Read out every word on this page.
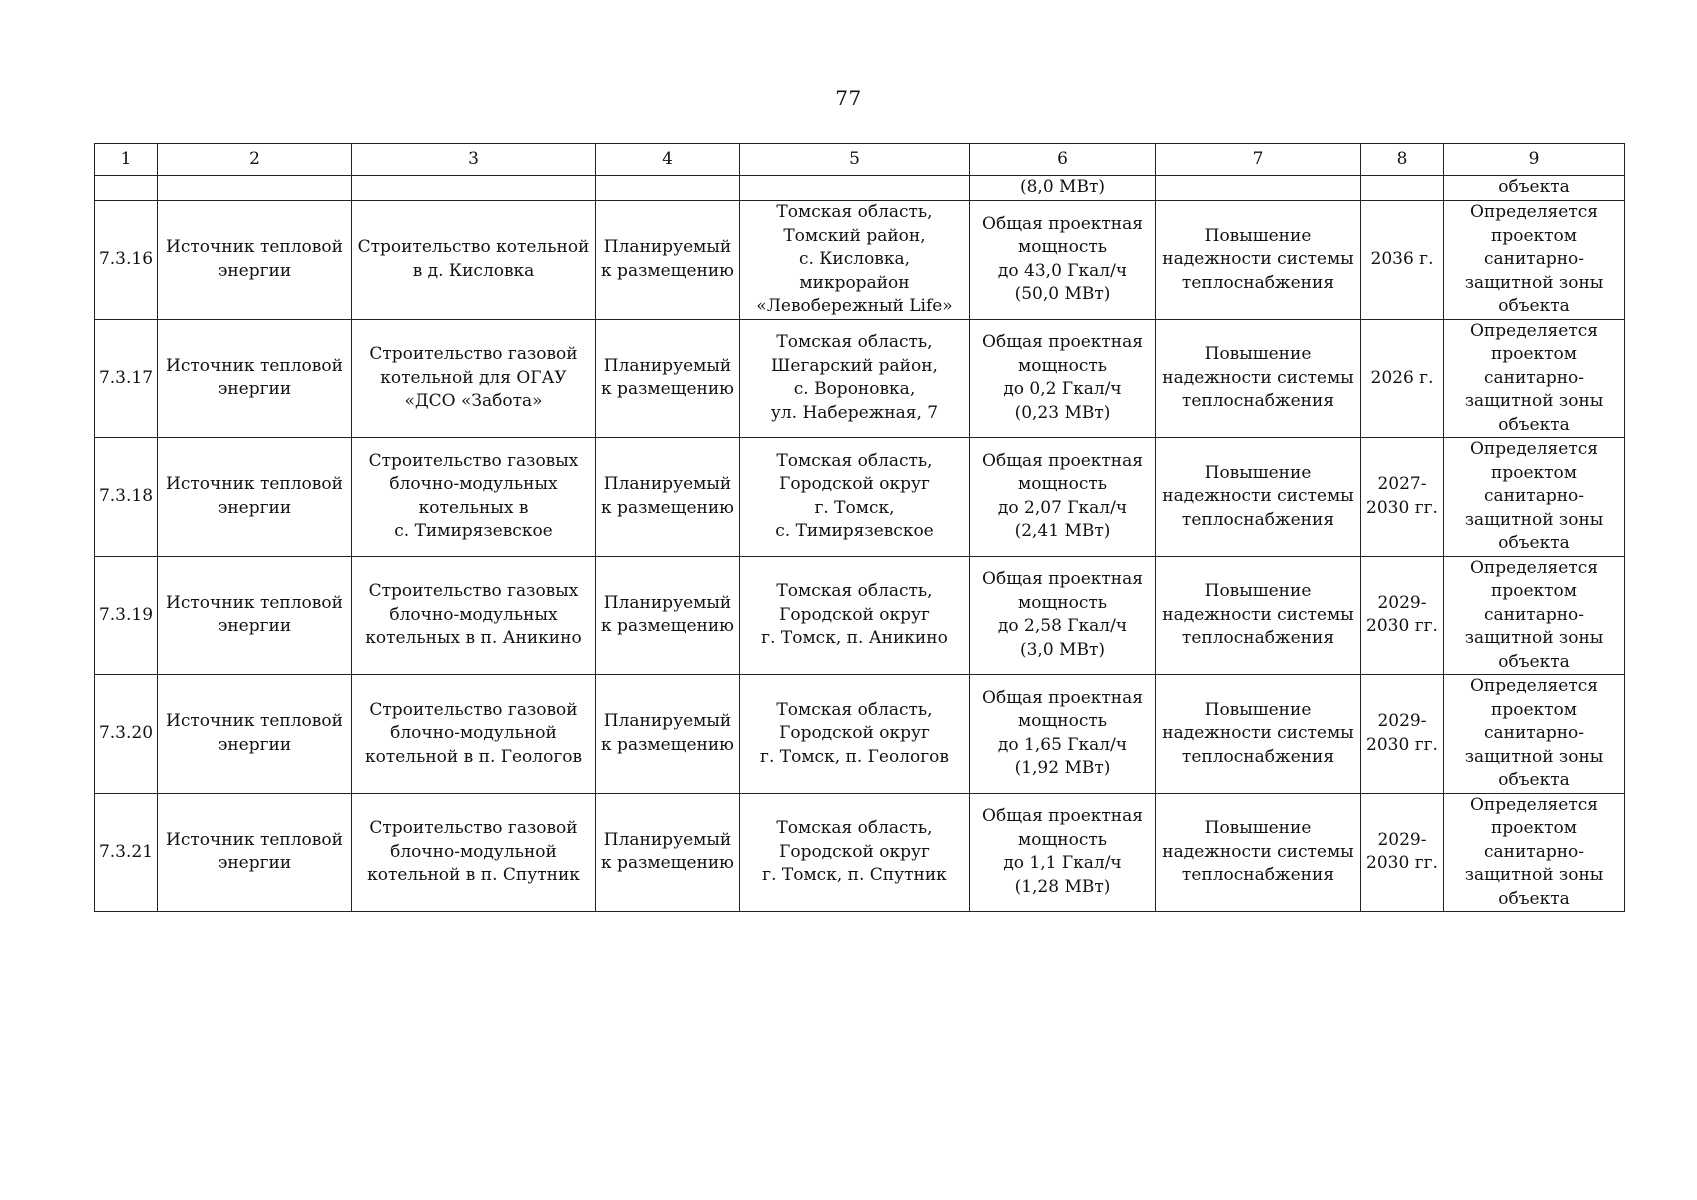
77
1	2	3	4	5	6	7	8	9
					(8,0 МВт)			объекта
7.3.16	Источник тепловой
энергии	Строительство котельной
в д. Кисловка	Планируемый
к размещению	Томская область,
Томский район,
с. Кисловка, микрорайон
«Левобережный Life»	Общая проектная
мощность
до 43,0 Гкал/ч
(50,0 МВт)	Повышение
надежности системы
теплоснабжения	2036 г.	Определяется
проектом санитарно-
защитной зоны
объекта
7.3.17	Источник тепловой
энергии	Строительство газовой
котельной для ОГАУ
«ДСО «Забота»	Планируемый
к размещению	Томская область,
Шегарский район,
с. Вороновка,
ул. Набережная, 7	Общая проектная
мощность
до 0,2 Гкал/ч
(0,23 МВт)	Повышение
надежности системы
теплоснабжения	2026 г.	Определяется
проектом
санитарно-
защитной зоны
объекта
7.3.18	Источник тепловой
энергии	Строительство газовых
блочно-модульных
котельных в
с. Тимирязевское	Планируемый
к размещению	Томская область,
Городской округ
г. Томск,
с. Тимирязевское	Общая проектная
мощность
до 2,07 Гкал/ч
(2,41 МВт)	Повышение
надежности системы
теплоснабжения	2027-
2030 гг.	Определяется
проектом
санитарно-
защитной зоны
объекта
7.3.19	Источник тепловой
энергии	Строительство газовых
блочно-модульных
котельных в п. Аникино	Планируемый
к размещению	Томская область,
Городской округ
г. Томск, п. Аникино	Общая проектная
мощность
до 2,58 Гкал/ч
(3,0 МВт)	Повышение
надежности системы
теплоснабжения	2029-
2030 гг.	Определяется
проектом
санитарно-
защитной зоны
объекта
7.3.20	Источник тепловой
энергии	Строительство газовой
блочно-модульной
котельной в п. Геологов	Планируемый
к размещению	Томская область,
Городской округ
г. Томск, п. Геологов	Общая проектная
мощность
до 1,65 Гкал/ч
(1,92 МВт)	Повышение
надежности системы
теплоснабжения	2029-
2030 гг.	Определяется
проектом
санитарно-
защитной зоны
объекта
7.3.21	Источник тепловой
энергии	Строительство газовой
блочно-модульной
котельной в п. Спутник	Планируемый
к размещению	Томская область,
Городской округ
г. Томск, п. Спутник	Общая проектная
мощность
до 1,1 Гкал/ч
(1,28 МВт)	Повышение
надежности системы
теплоснабжения	2029-
2030 гг.	Определяется
проектом
санитарно-
защитной зоны
объекта
